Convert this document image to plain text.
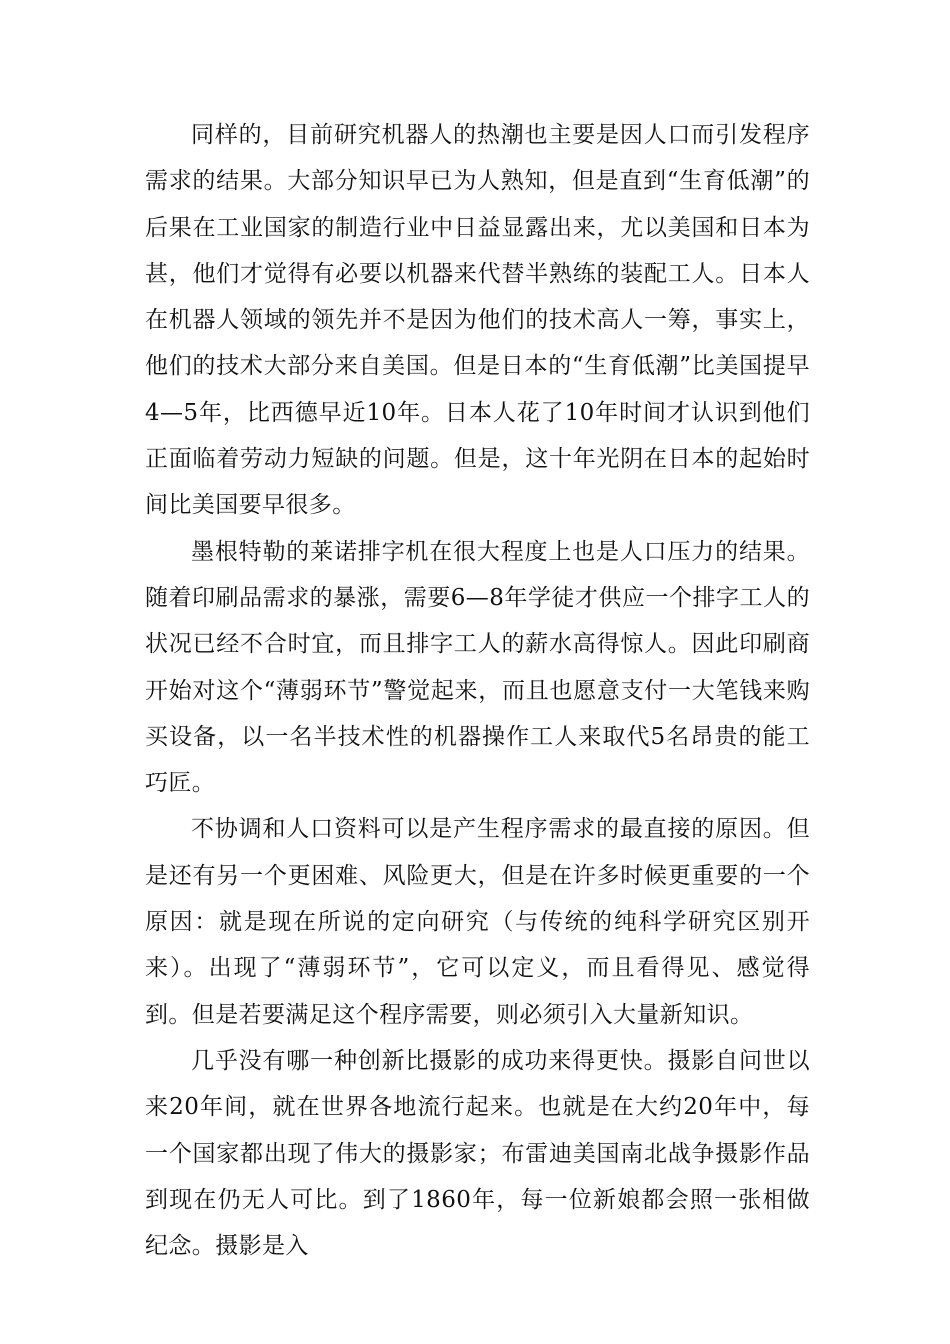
同样的，目前研究机器人的热潮也主要是因人口而引发程序需求的结果。大部分知识早已为人熟知，但是直到“生育低潮”的后果在工业国家的制造行业中日益显露出来，尤以美国和日本为甚，他们才觉得有必要以机器来代替半熟练的装配工人。日本人在机器人领域的领先并不是因为他们的技术高人一筹，事实上，他们的技术大部分来自美国。但是日本的“生育低潮”比美国提早4—5年，比西德早近10年。日本人花了10年时间才认识到他们正面临着劳动力短缺的问题。但是，这十年光阴在日本的起始时间比美国要早很多。

墨根特勒的莱诺排字机在很大程度上也是人口压力的结果。随着印刷品需求的暴涨，需要6—8年学徒才供应一个排字工人的状况已经不合时宜，而且排字工人的薪水高得惊人。因此印刷商开始对这个“薄弱环节”警觉起来，而且也愿意支付一大笔钱来购买设备，以一名半技术性的机器操作工人来取代5名昂贵的能工巧匠。

不协调和人口资料可以是产生程序需求的最直接的原因。但是还有另一个更困难、风险更大，但是在许多时候更重要的一个原因：就是现在所说的定向研究（与传统的纯科学研究区别开来）。出现了“薄弱环节”，它可以定义，而且看得见、感觉得到。但是若要满足这个程序需要，则必须引入大量新知识。

几乎没有哪一种创新比摄影的成功来得更快。摄影自问世以来20年间，就在世界各地流行起来。也就是在大约20年中，每一个国家都出现了伟大的摄影家；布雷迪美国南北战争摄影作品到现在仍无人可比。到了1860年，每一位新娘都会照一张相做纪念。摄影是入
